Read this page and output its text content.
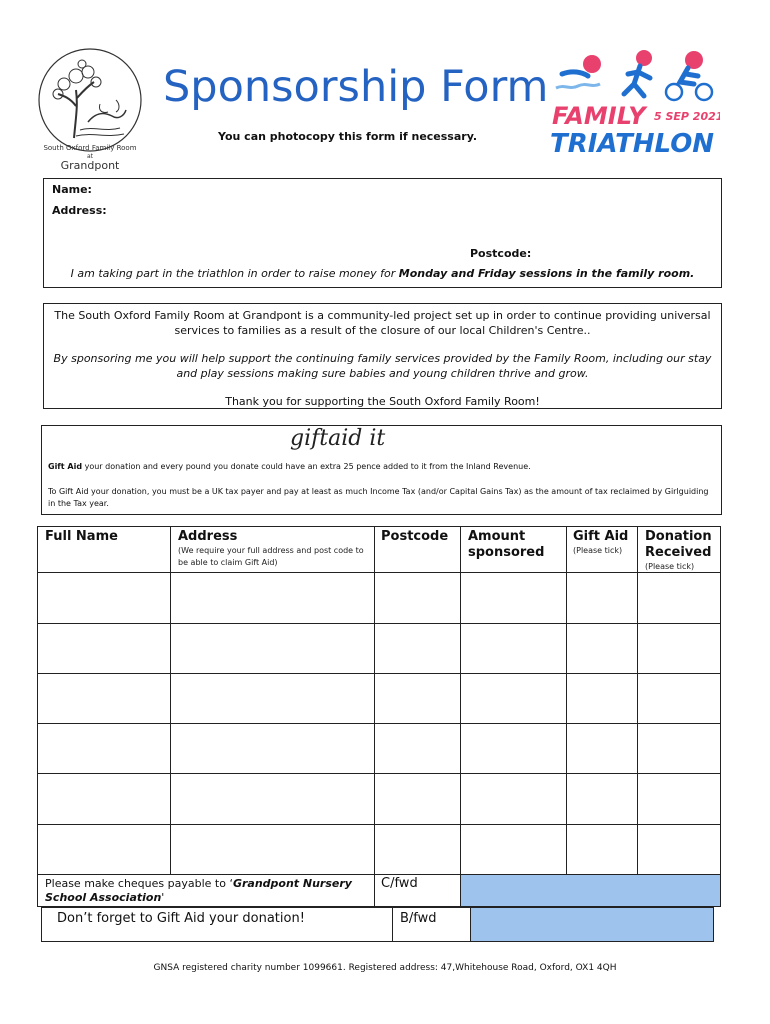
South Oxford Family Room
at
Grandpont
Sponsorship Form
You can photocopy this form if necessary.
FAMILY 5 SEP 2021
TRIATHLON
Name:
Address:
Postcode:
I am taking part in the triathlon in order to raise money for Monday and Friday sessions in the family room.
The South Oxford Family Room at Grandpont is a community-led project set up in order to continue providing universal services to families as a result of the closure of our local Children's Centre..
By sponsoring me you will help support the continuing family services provided by the Family Room, including our stay and play sessions making sure babies and young children thrive and grow.
Thank you for supporting the South Oxford Family Room!
giftaid it
Gift Aid your donation and every pound you donate could have an extra 25 pence added to it from the Inland Revenue.
To Gift Aid your donation, you must be a UK tax payer and pay at least as much Income Tax (and/or Capital Gains Tax) as the amount of tax reclaimed by Girlguiding in the Tax year.
Full Name	Address
(We require your full address and post code to be able to claim Gift Aid)
Postcode Amount
sponsored
Gift Aid
(Please tick)
Donation
Received
(Please tick)
Please make cheques payable to ‘Grandpont Nursery School Association'
C/fwd
Don’t forget to Gift Aid your donation!	B/fwd
GNSA registered charity number 1099661. Registered address: 47,Whitehouse Road, Oxford, OX1 4QH
